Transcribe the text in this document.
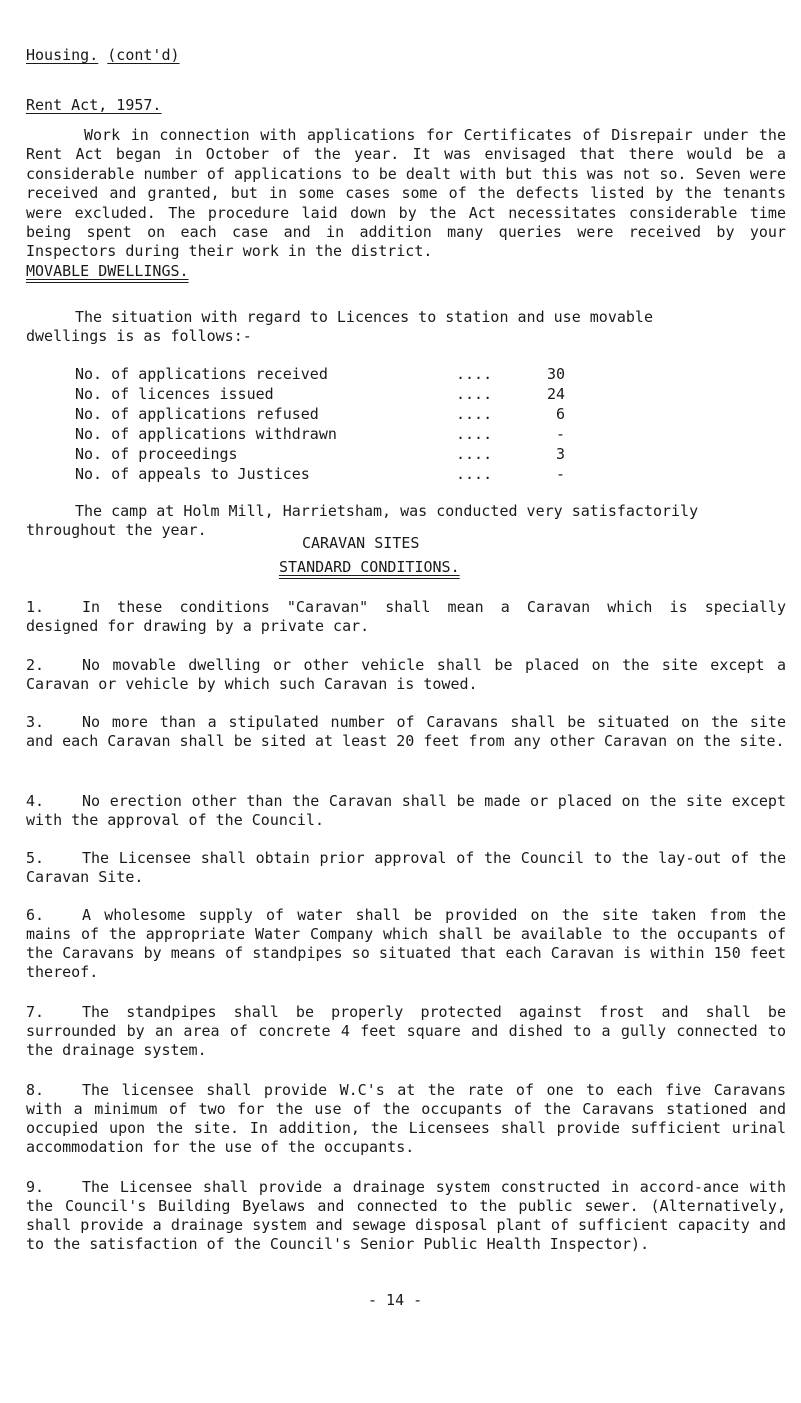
Housing. (cont'd)
Rent Act, 1957.
Work in connection with applications for Certificates of Disrepair under the Rent Act began in October of the year. It was envisaged that there would be a considerable number of applications to be dealt with but this was not so. Seven were received and granted, but in some cases some of the defects listed by the tenants were excluded. The procedure laid down by the Act necessitates considerable time being spent on each case and in addition many queries were received by your Inspectors during their work in the district.
MOVABLE DWELLINGS.
The situation with regard to Licences to station and use movable
dwellings is as follows:-
No. of applications received	....	30
No. of licences issued	....	24
No. of applications refused	....	6
No. of applications withdrawn	....	-
No. of proceedings	....	3
No. of appeals to Justices	....	-
The camp at Holm Mill, Harrietsham, was conducted very satisfactorily
throughout the year.
CARAVAN SITES
STANDARD CONDITIONS.
1.	In these conditions "Caravan" shall mean a Caravan which is specially designed for drawing by a private car.
2.	No movable dwelling or other vehicle shall be placed on the site except a Caravan or vehicle by which such Caravan is towed.
3.	No more than a stipulated number of Caravans shall be situated on the site and each Caravan shall be sited at least 20 feet from any other Caravan on the site.
4.	No erection other than the Caravan shall be made or placed on the site except with the approval of the Council.
5.	The Licensee shall obtain prior approval of the Council to the lay-out of the Caravan Site.
6.	A wholesome supply of water shall be provided on the site taken from the mains of the appropriate Water Company which shall be available to the occupants of the Caravans by means of standpipes so situated that each Caravan is within 150 feet thereof.
7.	The standpipes shall be properly protected against frost and shall be surrounded by an area of concrete 4 feet square and dished to a gully connected to the drainage system.
8.	The licensee shall provide W.C's at the rate of one to each five Caravans with a minimum of two for the use of the occupants of the Caravans stationed and occupied upon the site. In addition, the Licensees shall provide sufficient urinal accommodation for the use of the occupants.
9.	The Licensee shall provide a drainage system constructed in accord-ance with the Council's Building Byelaws and connected to the public sewer. (Alternatively, shall provide a drainage system and sewage disposal plant of sufficient capacity and to the satisfaction of the Council's Senior Public Health Inspector).
- 14 -
